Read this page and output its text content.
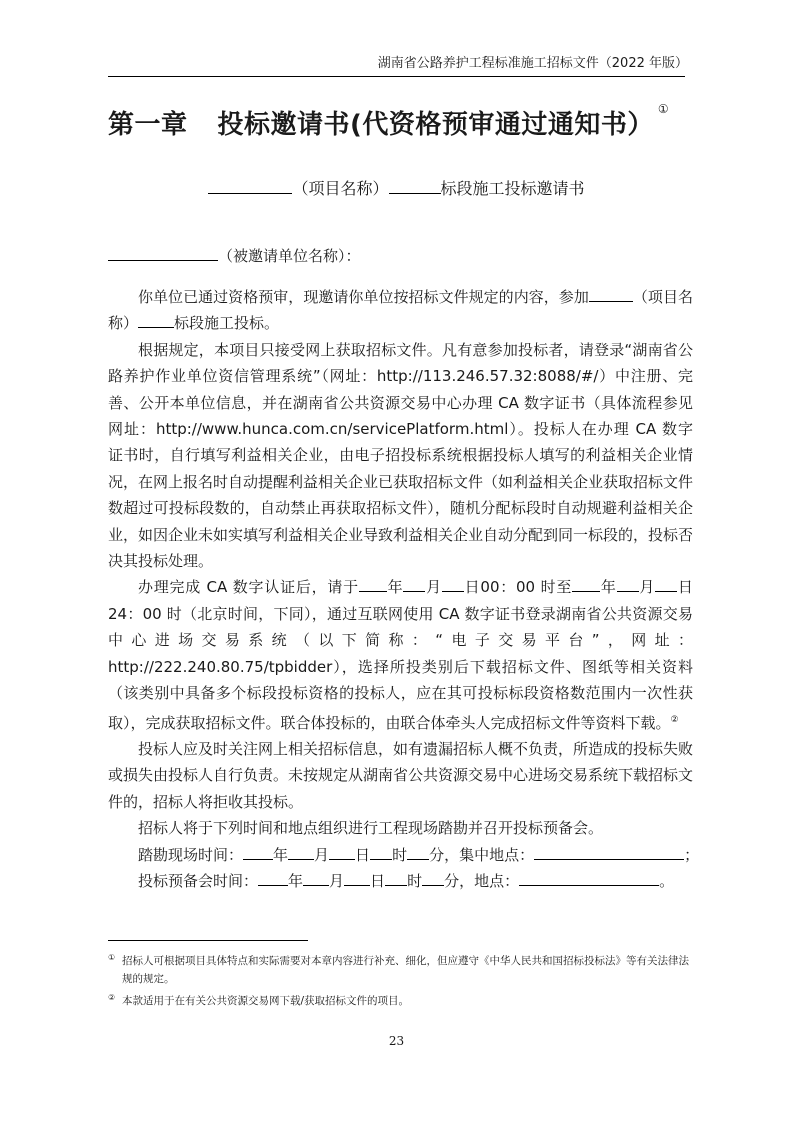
湖南省公路养护工程标准施工招标文件（2022 年版）
第一章 投标邀请书(代资格预审通过通知书）①
（项目名称）	标段施工投标邀请书
（被邀请单位名称）：

你单位已通过资格预审，现邀请你单位按招标文件规定的内容，参加	（项目名称） 标段施工投标。

根据规定，本项目只接受网上获取招标文件。凡有意参加投标者，请登录“湖南省公路养护作业单位资信管理系统”（网址：http://113.246.57.32:8088/#/）中注册、完善、公开本单位信息，并在湖南省公共资源交易中心办理 CA 数字证书（具体流程参见网址：http://www.hunca.com.cn/servicePlatform.html）。投标人在办理 CA 数字证书时，自行填写利益相关企业，由电子招投标系统根据投标人填写的利益相关企业情况，在网上报名时自动提醒利益相关企业已获取招标文件（如利益相关企业获取招标文件数超过可投标段数的，自动禁止再获取招标文件），随机分配标段时自动规避利益相关企业，如因企业未如实填写利益相关企业导致利益相关企业自动分配到同一标段的，投标否决其投标处理。

办理完成 CA 数字认证后，请于 年 月 日00：00 时至 年 月 日24：00 时（北京时间，下同），通过互联网使用 CA 数字证书登录湖南省公共资源交易中心进场交易系统（以下简称：“电子交易平台”，网址：http://222.240.80.75/tpbidder），选择所投类别后下载招标文件、图纸等相关资料（该类别中具备多个标段投标资格的投标人，应在其可投标标段资格数范围内一次性获取），完成获取招标文件。联合体投标的，由联合体牵头人完成招标文件等资料下载。②

投标人应及时关注网上相关招标信息，如有遗漏招标人概不负责，所造成的投标失败或损失由投标人自行负责。未按规定从湖南省公共资源交易中心进场交易系统下载招标文件的，招标人将拒收其投标。

招标人将于下列时间和地点组织进行工程现场踏勘并召开投标预备会。

踏勘现场时间： 年 月 日 时 分，集中地点：	；
投标预备会时间： 年 月 日 时 分，地点：	。
① 招标人可根据项目具体特点和实际需要对本章内容进行补充、细化，但应遵守《中华人民共和国招标投标法》等有关法律法规的规定。
② 本款适用于在有关公共资源交易网下载/获取招标文件的项目。
23
